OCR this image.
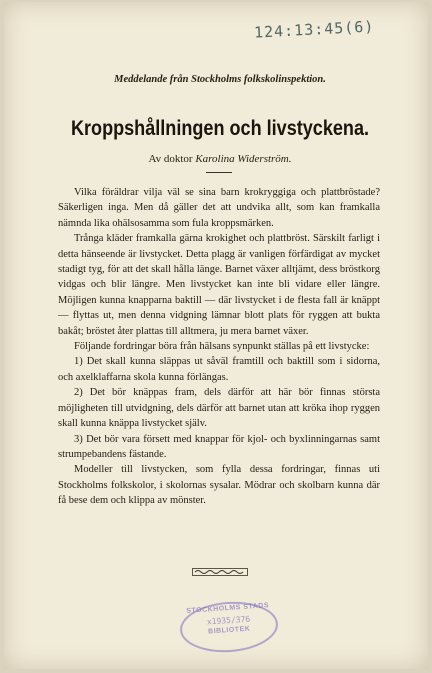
124:13:45(6)
Meddelande från Stockholms folkskolinspektion.
Kroppshållningen och livstyckena.
Av doktor Karolina Widerström.

Vilka föräldrar vilja väl se sina barn krokryggiga och plattbröstade? Säkerligen inga. Men då gäller det att undvika allt, som kan framkalla nämnda lika ohälsosamma som fula kroppsmärken.

Trånga kläder framkalla gärna krokighet och plattbröst. Särskilt farligt i detta hänseende är livstycket. Detta plagg är vanligen förfärdigat av mycket stadigt tyg, för att det skall hålla länge. Barnet växer alltjämt, dess bröstkorg vidgas och blir längre. Men livstycket kan inte bli vidare eller längre. Möjligen kunna knapparna baktill — där livstycket i de flesta fall är knäppt — flyttas ut, men denna vidgning lämnar blott plats för ryggen att bukta bakåt; bröstet åter plattas till alltmera, ju mera barnet växer.

Följande fordringar böra från hälsans synpunkt ställas på ett livstycke:

1) Det skall kunna släppas ut såväl framtill och baktill som i sidorna, och axelklaffarna skola kunna förlängas.

2) Det bör knäppas fram, dels därför att här bör finnas största möjligheten till utvidgning, dels därför att barnet utan att kröka ihop ryggen skall kunna knäppa livstycket själv.

3) Det bör vara försett med knappar för kjol- och byxlinningarnas samt strumpebandens fästande.

Modeller till livstycken, som fylla dessa fordringar, finnas uti Stockholms folkskolor, i skolornas sysalar. Mödrar och skolbarn kunna där få bese dem och klippa av mönster.

STOCKHOLMS STADS
x1935/376
BIBLIOTEK
